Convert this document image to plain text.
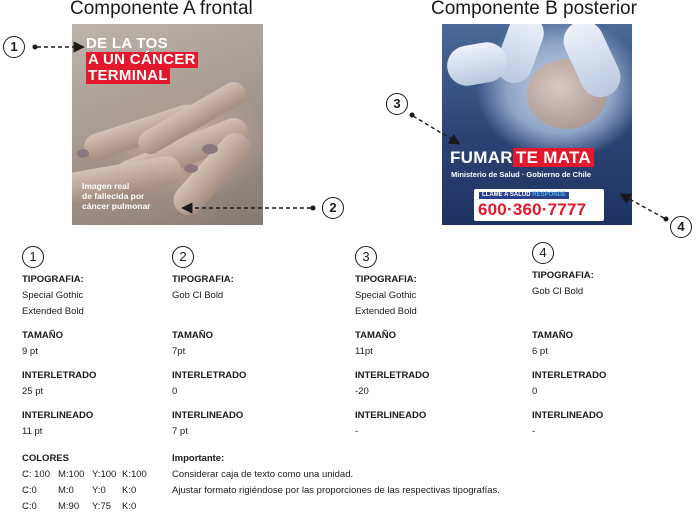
Componente A frontal	Componente B posterior
DE LA TOS
A UN CÁNCER
TERMINAL
Imagen real
de fallecida por
cáncer pulmonar
FUMAR TE MATA
Ministerio de Salud · Gobierno de Chile
LLAME A SALUD RESPONDE
600·360·7777
1
2
3
4
1
TIPOGRAFIA:
Special Gothic
Extended Bold
TAMAÑO
9 pt
INTERLETRADO
25 pt
INTERLINEADO
11 pt
2
TIPOGRAFIA:
Gob Cl Bold
TAMAÑO
7pt
INTERLETRADO
0
INTERLINEADO
7 pt
3
TIPOGRAFIA:
Special Gothic
Extended Bold
TAMAÑO
11pt
INTERLETRADO
-20
INTERLINEADO
-
4
TIPOGRAFIA:
Gob Cl Bold
TAMAÑO
6 pt
INTERLETRADO
0
INTERLINEADO
-
COLORES
C: 100 M:100 Y:100 K:100
C:0	M:0	Y:0	K:0
C:0	M:90	Y:75	K:0
Importante:
Considerar caja de texto como una unidad.
Ajustar formato rigiéndose por las proporciones de las respectivas tipografías.
